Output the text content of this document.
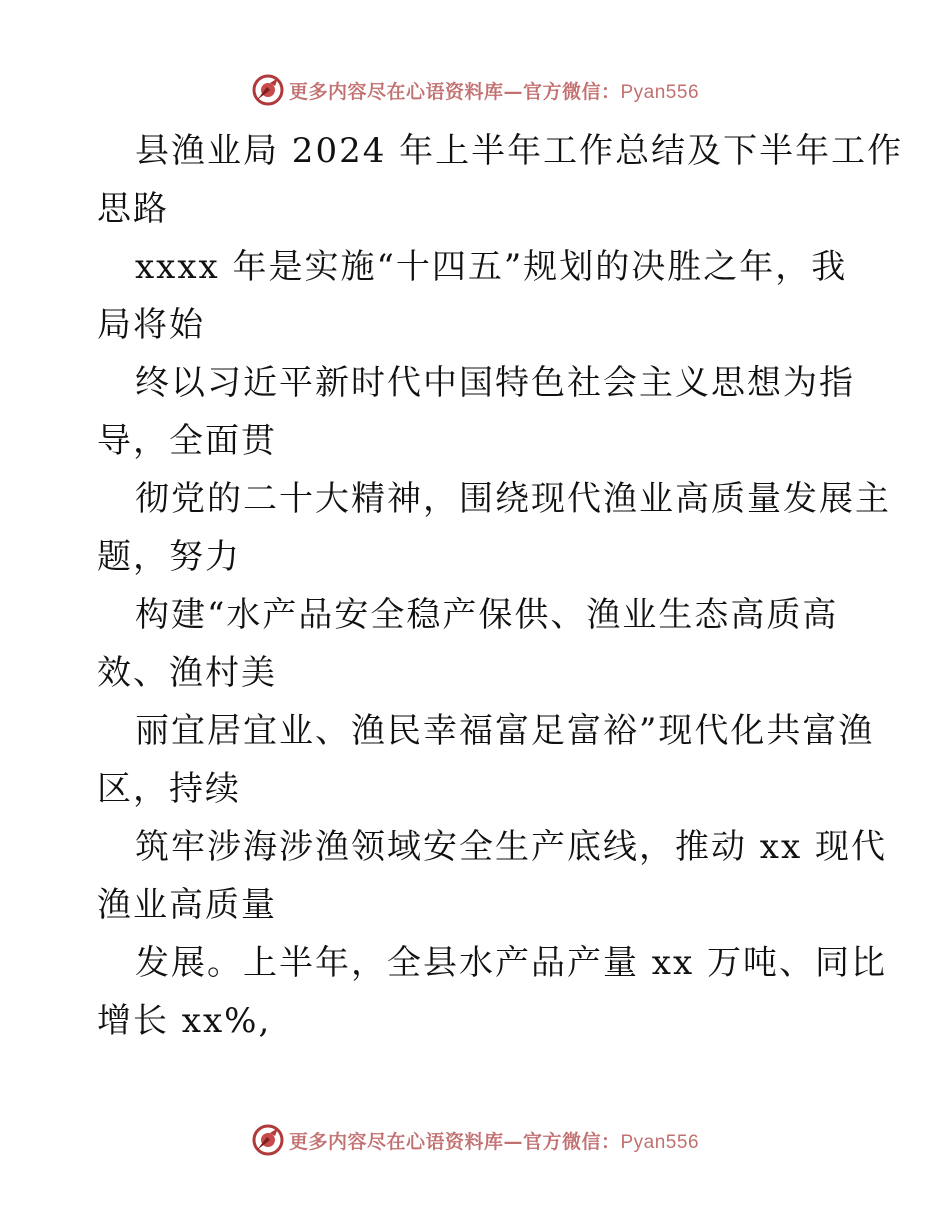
更多内容尽在心语资料库—官方微信：Pyan556

县渔业局 2024 年上半年工作总结及下半年工作
思路

xxxx 年是实施“十四五”规划的决胜之年，我
局将始

终以习近平新时代中国特色社会主义思想为指
导，全面贯

彻党的二十大精神，围绕现代渔业高质量发展主
题，努力

构建“水产品安全稳产保供、渔业生态高质高
效、渔村美

丽宜居宜业、渔民幸福富足富裕”现代化共富渔
区，持续

筑牢涉海涉渔领域安全生产底线，推动 xx 现代
渔业高质量

发展。上半年，全县水产品产量 xx 万吨、同比
增长 xx%,

更多内容尽在心语资料库—官方微信：Pyan556
